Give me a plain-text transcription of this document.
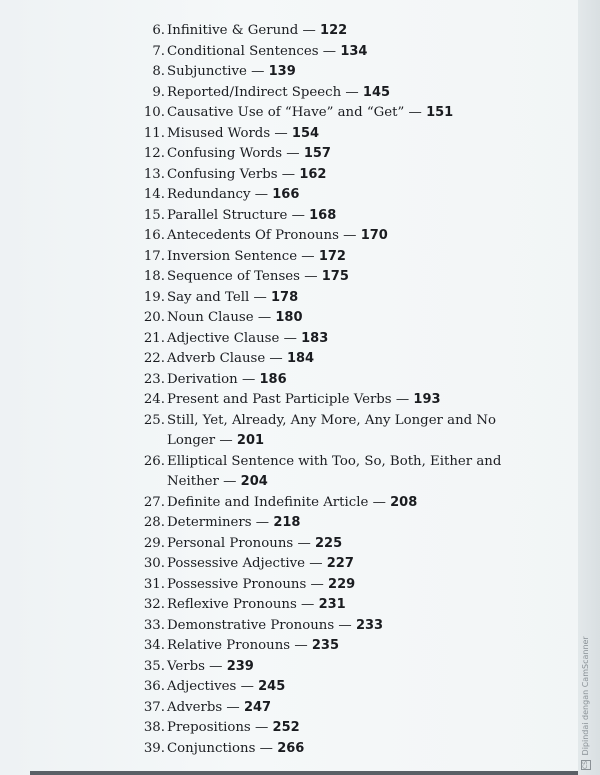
6. Infinitive & Gerund — 122
7. Conditional Sentences — 134
8. Subjunctive — 139
9. Reported/Indirect Speech — 145
10. Causative Use of “Have” and “Get” — 151
11. Misused Words — 154
12. Confusing Words — 157
13. Confusing Verbs — 162
14. Redundancy — 166
15. Parallel Structure — 168
16. Antecedents Of Pronouns — 170
17. Inversion Sentence — 172
18. Sequence of Tenses — 175
19. Say and Tell — 178
20. Noun Clause — 180
21. Adjective Clause — 183
22. Adverb Clause — 184
23. Derivation — 186
24. Present and Past Participle Verbs — 193
25. Still, Yet, Already, Any More, Any Longer and No Longer — 201
26. Elliptical Sentence with Too, So, Both, Either and Neither — 204
27. Definite and Indefinite Article — 208
28. Determiners — 218
29. Personal Pronouns — 225
30. Possessive Adjective — 227
31. Possessive Pronouns — 229
32. Reflexive Pronouns — 231
33. Demonstrative Pronouns — 233
34. Relative Pronouns — 235
35. Verbs — 239
36. Adjectives — 245
37. Adverbs — 247
38. Prepositions — 252
39. Conjunctions — 266
CS Dipindai dengan CamScanner
